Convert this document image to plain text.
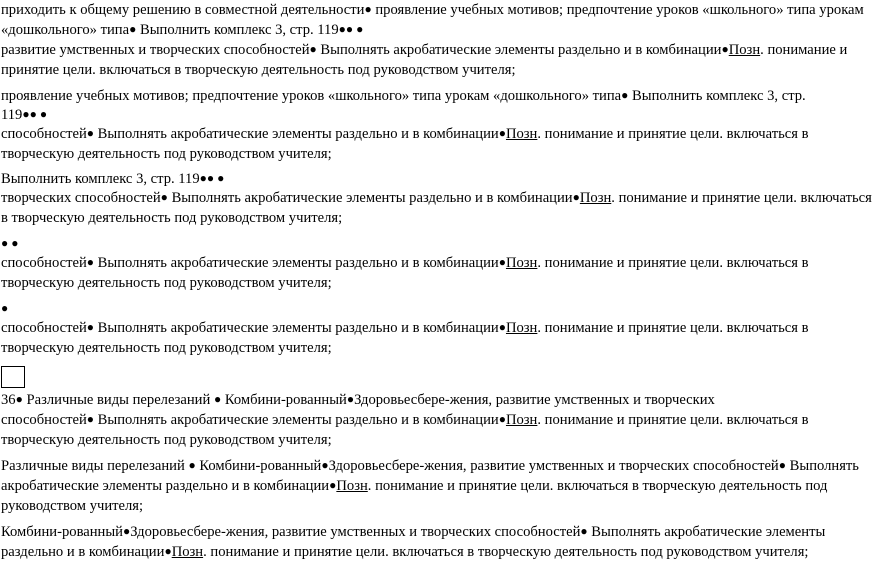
приходить к общему решению в совместной деятельности● проявление учебных мотивов; предпочтение уроков «школьного» типа урокам
«дошкольного» типа● Выполнить комплекс 3, стр. 119●● ●
развитие умственных и творческих способностей● Выполнять акробатические элементы раздельно и в комбинации●Позн. понимание и
принятие цели. включаться в творческую деятельность под руководством учителя;
проявление учебных мотивов; предпочтение уроков «школьного» типа урокам «дошкольного» типа● Выполнить комплекс 3, стр.
119●● ●
способностей● Выполнять акробатические элементы раздельно и в комбинации●Позн. понимание и принятие цели. включаться в
творческую деятельность под руководством учителя;
Выполнить комплекс 3, стр. 119●● ●
творческих способностей● Выполнять акробатические элементы раздельно и в комбинации●Позн. понимание и принятие цели. включаться
в творческую деятельность под руководством учителя;
● ●
способностей● Выполнять акробатические элементы раздельно и в комбинации●Позн. понимание и принятие цели. включаться в
творческую деятельность под руководством учителя;
●
способностей● Выполнять акробатические элементы раздельно и в комбинации●Позн. понимание и принятие цели. включаться в
творческую деятельность под руководством учителя;
36● Различные виды перелезаний ● Комбини-рованный●Здоровьесбере-жения, развитие умственных и творческих
способностей● Выполнять акробатические элементы раздельно и в комбинации●Позн. понимание и принятие цели. включаться в
творческую деятельность под руководством учителя;
Различные виды перелезаний ● Комбини-рованный●Здоровьесбере-жения, развитие умственных и творческих способностей● Выполнять
акробатические элементы раздельно и в комбинации●Позн. понимание и принятие цели. включаться в творческую деятельность под
руководством учителя;
Комбини-рованный●Здоровьесбере-жения, развитие умственных и творческих способностей● Выполнять акробатические элементы
раздельно и в комбинации●Позн. понимание и принятие цели. включаться в творческую деятельность под руководством учителя;
